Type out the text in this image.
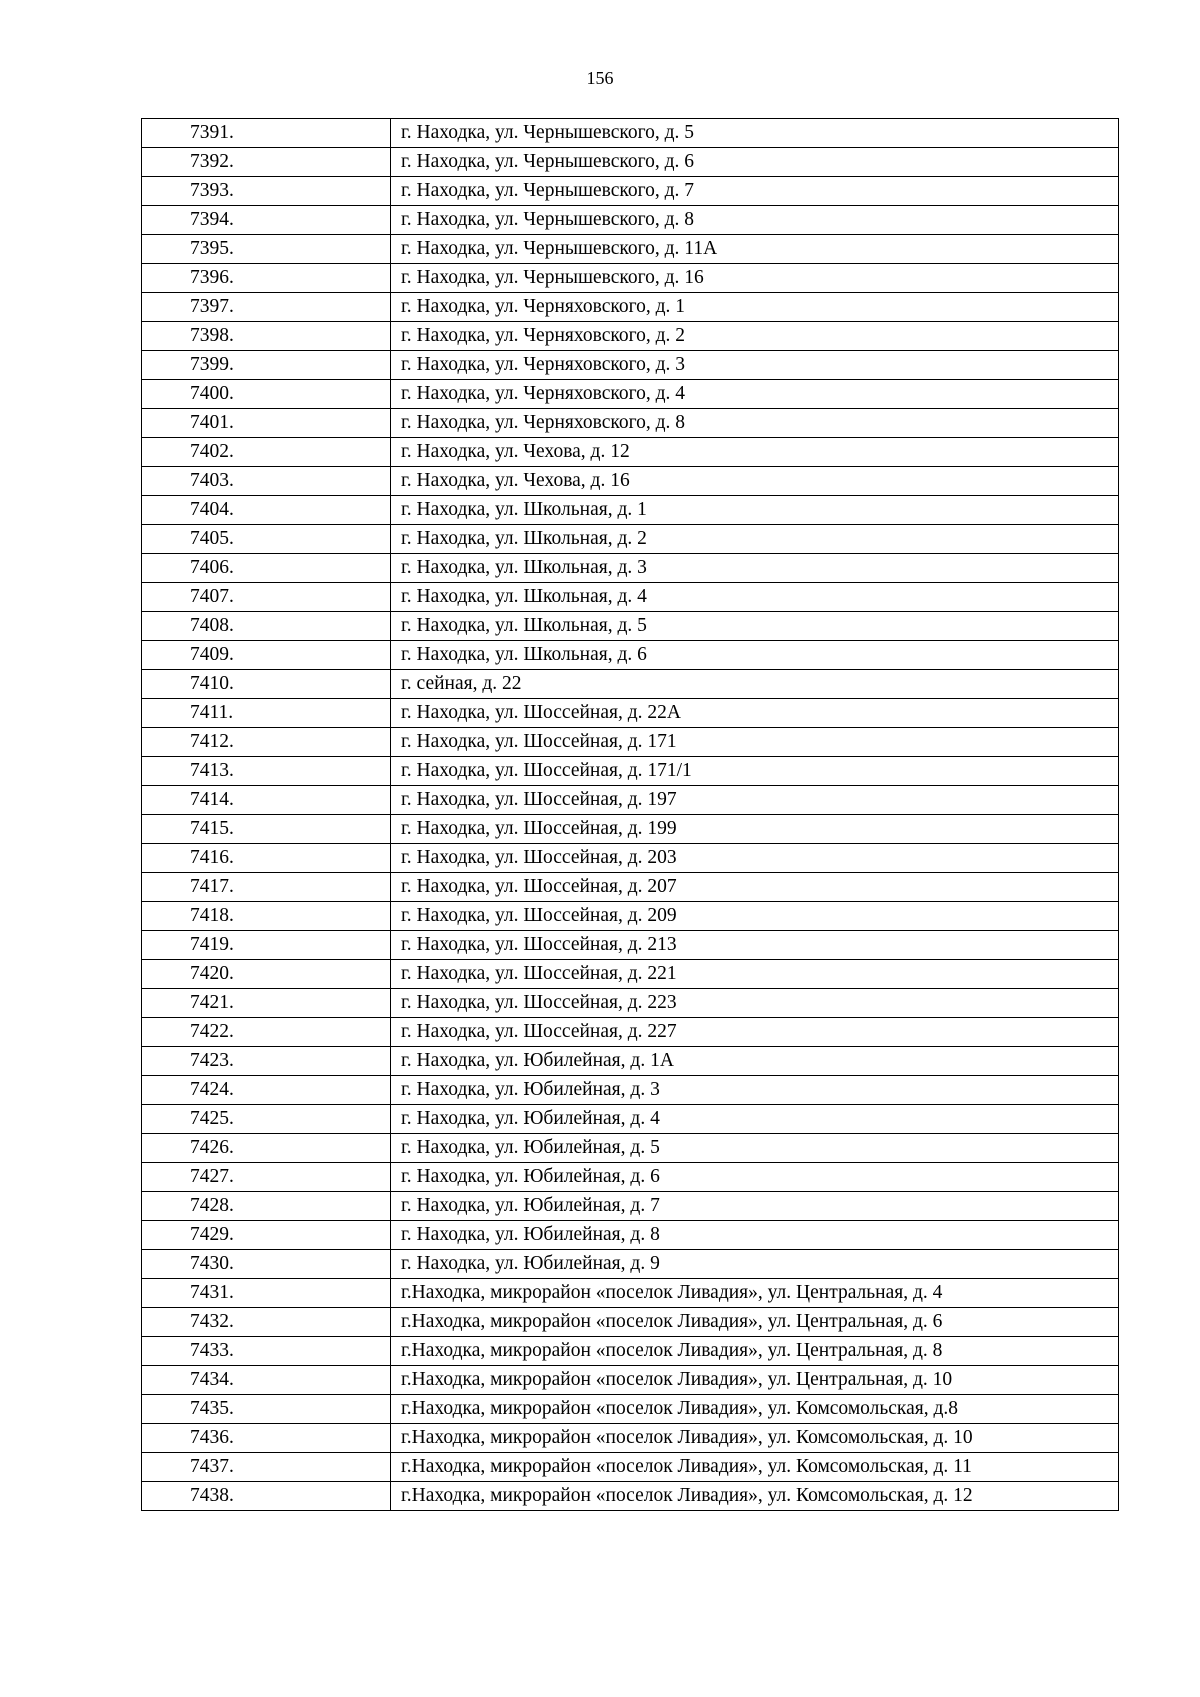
156
7391.	г. Находка, ул. Чернышевского, д. 5
7392.	г. Находка, ул. Чернышевского, д. 6
7393.	г. Находка, ул. Чернышевского, д. 7
7394.	г. Находка, ул. Чернышевского, д. 8
7395.	г. Находка, ул. Чернышевского, д. 11А
7396.	г. Находка, ул. Чернышевского, д. 16
7397.	г. Находка, ул. Черняховского, д. 1
7398.	г. Находка, ул. Черняховского, д. 2
7399.	г. Находка, ул. Черняховского, д. 3
7400.	г. Находка, ул. Черняховского, д. 4
7401.	г. Находка, ул. Черняховского, д. 8
7402.	г. Находка, ул. Чехова, д. 12
7403.	г. Находка, ул. Чехова, д. 16
7404.	г. Находка, ул. Школьная, д. 1
7405.	г. Находка, ул. Школьная, д. 2
7406.	г. Находка, ул. Школьная, д. 3
7407.	г. Находка, ул. Школьная, д. 4
7408.	г. Находка, ул. Школьная, д. 5
7409.	г. Находка, ул. Школьная, д. 6
7410.	г. сейная, д. 22
7411.	г. Находка, ул. Шоссейная, д. 22А
7412.	г. Находка, ул. Шоссейная, д. 171
7413.	г. Находка, ул. Шоссейная, д. 171/1
7414.	г. Находка, ул. Шоссейная, д. 197
7415.	г. Находка, ул. Шоссейная, д. 199
7416.	г. Находка, ул. Шоссейная, д. 203
7417.	г. Находка, ул. Шоссейная, д. 207
7418.	г. Находка, ул. Шоссейная, д. 209
7419.	г. Находка, ул. Шоссейная, д. 213
7420.	г. Находка, ул. Шоссейная, д. 221
7421.	г. Находка, ул. Шоссейная, д. 223
7422.	г. Находка, ул. Шоссейная, д. 227
7423.	г. Находка, ул. Юбилейная, д. 1А
7424.	г. Находка, ул. Юбилейная, д. 3
7425.	г. Находка, ул. Юбилейная, д. 4
7426.	г. Находка, ул. Юбилейная, д. 5
7427.	г. Находка, ул. Юбилейная, д. 6
7428.	г. Находка, ул. Юбилейная, д. 7
7429.	г. Находка, ул. Юбилейная, д. 8
7430.	г. Находка, ул. Юбилейная, д. 9
7431.	г.Находка, микрорайон «поселок Ливадия», ул. Центральная, д. 4
7432.	г.Находка, микрорайон «поселок Ливадия», ул. Центральная, д. 6
7433.	г.Находка, микрорайон «поселок Ливадия», ул. Центральная, д. 8
7434.	г.Находка, микрорайон «поселок Ливадия», ул. Центральная, д. 10
7435.	г.Находка, микрорайон «поселок Ливадия», ул. Комсомольская, д.8
7436.	г.Находка, микрорайон «поселок Ливадия», ул. Комсомольская, д. 10
7437.	г.Находка, микрорайон «поселок Ливадия», ул. Комсомольская, д. 11
7438.	г.Находка, микрорайон «поселок Ливадия», ул. Комсомольская, д. 12
